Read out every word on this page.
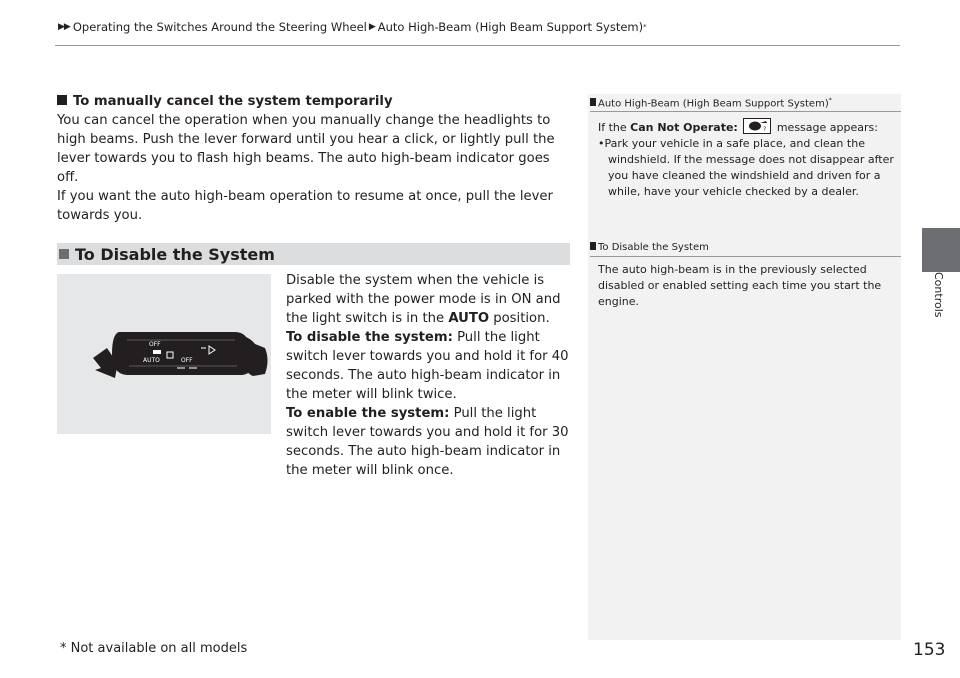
▶▶ Operating the Switches Around the Steering Wheel ▶ Auto High-Beam (High Beam Support System) *
Controls
To manually cancel the system temporarily
You can cancel the operation when you manually change the headlights to high beams. Push the lever forward until you hear a click, or lightly pull the lever towards you to flash high beams. The auto high-beam indicator goes off.
If you want the auto high-beam operation to resume at once, pull the lever towards you.
To Disable the System
OFF
AUTO	OFF
Disable the system when the vehicle is parked with the power mode is in ON and the light switch is in the AUTO position.
To disable the system: Pull the light switch lever towards you and hold it for 40 seconds. The auto high-beam indicator in the meter will blink twice.
To enable the system: Pull the light switch lever towards you and hold it for 30 seconds. The auto high-beam indicator in the meter will blink once.
Auto High-Beam (High Beam Support System)*
If the Can Not Operate:	? message appears:
•Park your vehicle in a safe place, and clean the windshield. If the message does not disappear after you have cleaned the windshield and driven for a while, have your vehicle checked by a dealer.
To Disable the System
The auto high-beam is in the previously selected disabled or enabled setting each time you start the engine.
* Not available on all models	153
